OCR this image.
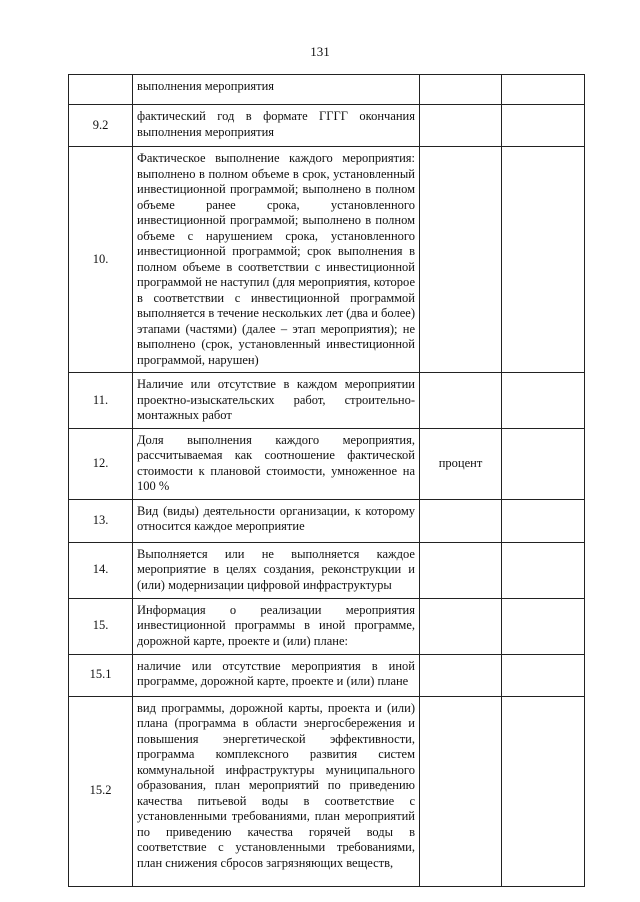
131
	выполнения мероприятия		
9.2	фактический год в формате ГГГГ окончания выполнения мероприятия		
10.	Фактическое выполнение каждого мероприятия: выполнено в полном объеме в срок, установленный инвестиционной программой; выполнено в полном объеме ранее срока, установленного инвестиционной программой; выполнено в полном объеме с нарушением срока, установленного инвестиционной программой; срок выполнения в полном объеме в соответствии с инвестиционной программой не наступил (для мероприятия, которое в соответствии с инвестиционной программой выполняется в течение нескольких лет (два и более) этапами (частями) (далее – этап мероприятия); не выполнено (срок, установленный инвестиционной программой, нарушен)		
11.	Наличие или отсутствие в каждом мероприятии проектно-изыскательских работ, строительно-монтажных работ		
12.	Доля выполнения каждого мероприятия, рассчитываемая как соотношение фактической стоимости к плановой стоимости, умноженное на 100 %	процент	
13.	Вид (виды) деятельности организации, к которому относится каждое мероприятие		
14.	Выполняется или не выполняется каждое мероприятие в целях создания, реконструкции и (или) модернизации цифровой инфраструктуры		
15.	Информация о реализации мероприятия инвестиционной программы в иной программе, дорожной карте, проекте и (или) плане:		
15.1	наличие или отсутствие мероприятия в иной программе, дорожной карте, проекте и (или) плане		
15.2	вид программы, дорожной карты, проекта и (или) плана (программа в области энергосбережения и повышения энергетической эффективности, программа комплексного развития систем коммунальной инфраструктуры муниципального образования, план мероприятий по приведению качества питьевой воды в соответствие с установленными требованиями, план мероприятий по приведению качества горячей воды в соответствие с установленными требованиями, план снижения сбросов загрязняющих веществ,		
